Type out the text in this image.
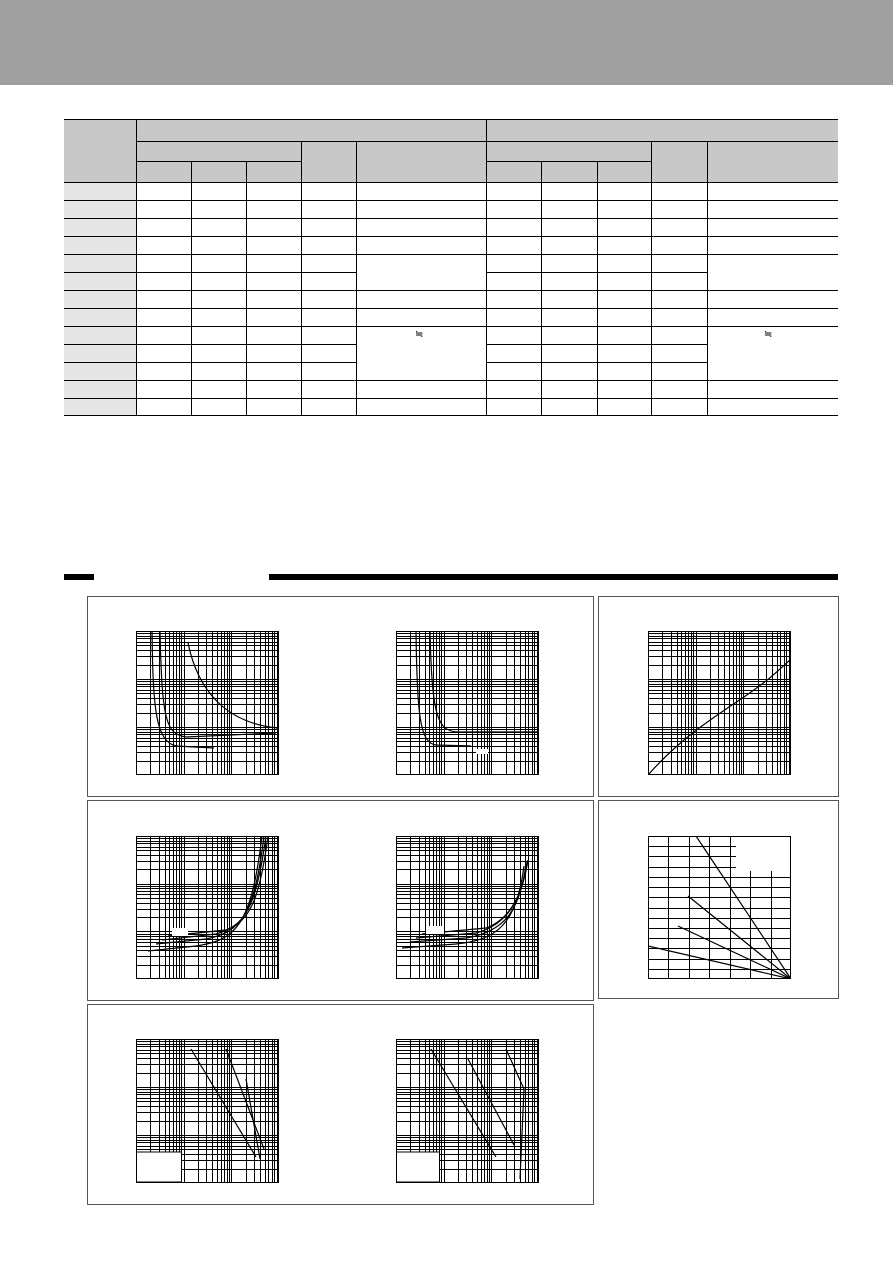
≒	≒
